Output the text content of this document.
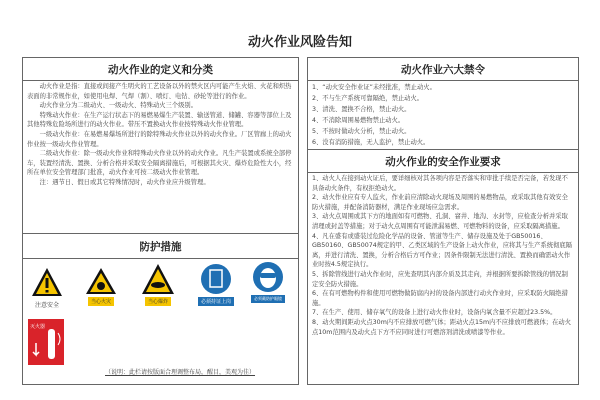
动火作业风险告知
动火作业的定义和分类

动火作业是指：直接或间接产生明火的工艺设备以外的禁火区内可能产生火焰、火花和炽热表面的非常规作业，如使用电焊、气焊（割）、喷灯、电钻、砂轮等进行的作业。

动火作业分为二级动火、一级动火、特殊动火三个级别。

特殊动火作业：在生产运行状态下的易燃易爆生产装置、输送管道、储罐、容器等部位上及其他特殊危险场所进行的动火作业。带压不置换动火作业按特殊动火作业管理。

一级动火作业：在易燃易爆场所进行的除特殊动火作业以外的动火作业。厂区管廊上的动火作业按一级动火作业管理。

二级动火作业：除一级动火作业和特殊动火作业以外的动火作业。凡生产装置或系统全部停车，装置经清洗、置换、分析合格并采取安全隔离措施后，可根据其火灾、爆炸危险性大小，经所在单位安全管理部门批准，动火作业可按二级动火作业管理。

注：遇节日、假日或其它特殊情况时，动火作业应升级管理。

防护措施
注意安全	当心火灾	当心爆炸	必须持证上岗
必须戴防护眼镜
灭火器
（说明：此栏请按版面合理调整布局，醒目，美观为佳）
动火作业六大禁令

1、“动火安全作业证”未经批准，禁止动火。

2、不与生产系统可靠隔绝，禁止动火。

3、清洗、置换不合格，禁止动火。

4、不消除周围易燃物禁止动火。

5、不按时做动火分析，禁止动火。

6、没有消防措施，无人监护，禁止动火。

动火作业的安全作业要求

1、动火人在接到动火证后，要详细核对其各项内容是否落实和审批手续是否完备，若发现不具备动火条件，有权拒绝动火。

2、动火作业应有专人监火，作业前应清除动火现场及周围的易燃物品，或采取其他有效安全防火措施，并配备消防器材，满足作业现场应急需求。

3、动火点周围或其下方的地面如有可燃物、孔洞、窨井、地沟、水封等，应检查分析并采取清理或封盖等措施；对于动火点周围有可能泄漏易燃、可燃物料的设备，应采取隔离措施。

4、凡在盛有或盛装过危险化学品的设备、管道等生产、储存设施及处于GB50016、GB50160、GB50074规定的甲、乙类区域的生产设备上动火作业，应将其与生产系统彻底隔离，并进行清洗、置换，分析合格后方可作业；因条件限制无法进行清洗、置换而确需动火作业时按4.5规定执行。

5、拆除管线进行动火作业时，应先查明其内部介质及其走向，并根据所要拆除管线的情况制定安全防火措施。

6、在有可燃物构件和使用可燃物做防腐内衬的设备内部进行动火作业时，应采取防火隔绝措施。

7、在生产、使用、储存氧气的设备上进行动火作业时，设备内氧含量不应超过23.5%。

8、动火期间距动火点30m内不应排放可燃气体；距动火点15m内不应排放可燃液体；在动火点10m范围内及动火点下方不应同时进行可燃溶剂清洗或喷漆等作业。
